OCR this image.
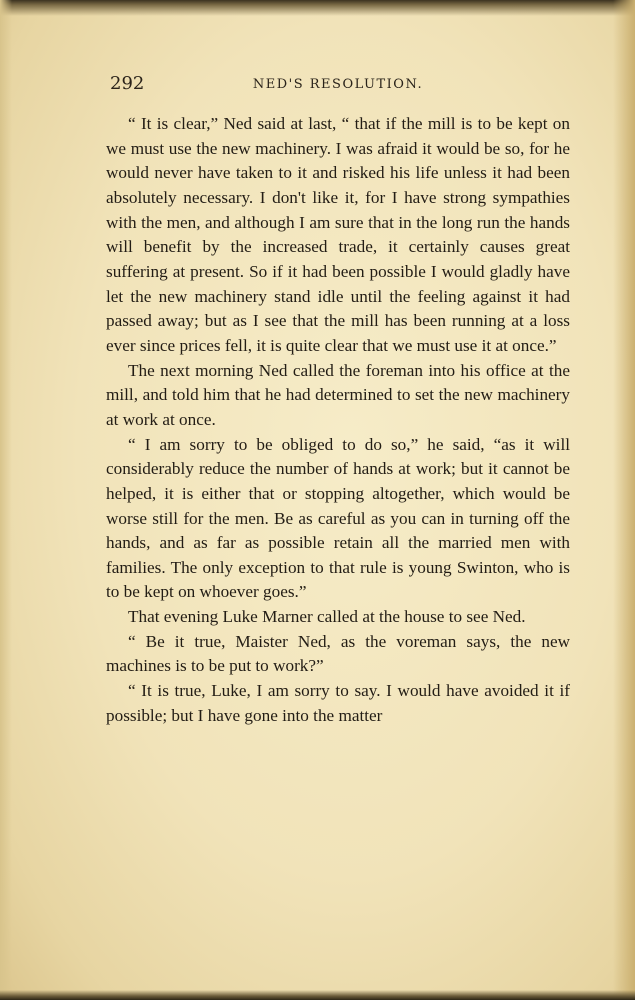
292	NED'S RESOLUTION.

“ It is clear,” Ned said at last, “ that if the mill is to be kept on we must use the new machinery. I was afraid it would be so, for he would never have taken to it and risked his life unless it had been absolutely necessary. I don't like it, for I have strong sympathies with the men, and although I am sure that in the long run the hands will benefit by the increased trade, it certainly causes great suffering at present. So if it had been possible I would gladly have let the new machinery stand idle until the feeling against it had passed away; but as I see that the mill has been running at a loss ever since prices fell, it is quite clear that we must use it at once.”

The next morning Ned called the foreman into his office at the mill, and told him that he had determined to set the new machinery at work at once.

“ I am sorry to be obliged to do so,” he said, “as it will considerably reduce the number of hands at work; but it cannot be helped, it is either that or stopping altogether, which would be worse still for the men. Be as careful as you can in turning off the hands, and as far as possible retain all the married men with families. The only exception to that rule is young Swinton, who is to be kept on whoever goes.”

That evening Luke Marner called at the house to see Ned.

“ Be it true, Maister Ned, as the voreman says, the new machines is to be put to work?”

“ It is true, Luke, I am sorry to say. I would have avoided it if possible; but I have gone into the matter
